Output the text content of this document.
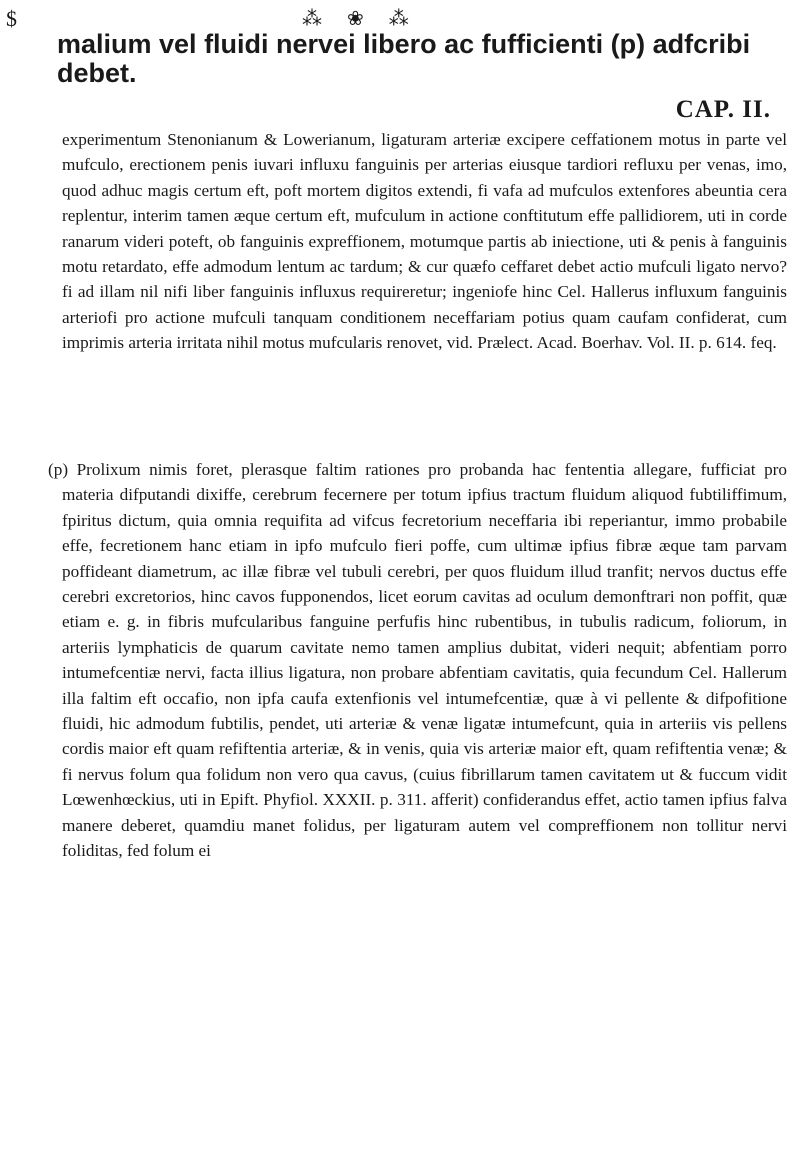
$	⁂ ❀ ⁂
malium vel fluidi nervei libero ac fufficienti (p) adfcribi debet.
CAP. II.

experimentum Stenonianum & Lowerianum, ligaturam arteriæ excipere ceffationem motus in parte vel mufculo, erectionem penis iuvari influxu fanguinis per arterias eiusque tardiori refluxu per venas, imo, quod adhuc magis certum eft, poft mortem digitos extendi, fi vafa ad mufculos extenfores abeuntia cera replentur, interim tamen æque certum eft, mufculum in actione conftitutum effe pallidiorem, uti in corde ranarum videri poteft, ob fanguinis expreffionem, motumque partis ab iniectione, uti & penis à fanguinis motu retardato, effe admodum lentum ac tardum; & cur quæfo ceffaret debet actio mufculi ligato nervo? fi ad illam nil nifi liber fanguinis influxus requireretur; ingeniofe hinc Cel. Hallerus influxum fanguinis arteriofi pro actione mufculi tanquam conditionem neceffariam potius quam caufam confiderat, cum imprimis arteria irritata nihil motus mufcularis renovet, vid. Prælect. Acad. Boerhav. Vol. II. p. 614. feq.

(p) Prolixum nimis foret, plerasque faltim rationes pro probanda hac fententia allegare, fufficiat pro materia difputandi dixiffe, cerebrum fecernere per totum ipfius tractum fluidum aliquod fubtiliffimum, fpiritus dictum, quia omnia requifita ad vifcus fecretorium neceffaria ibi reperiantur, immo probabile effe, fecretionem hanc etiam in ipfo mufculo fieri poffe, cum ultimæ ipfius fibræ æque tam parvam poffideant diametrum, ac illæ fibræ vel tubuli cerebri, per quos fluidum illud tranfit; nervos ductus effe cerebri excretorios, hinc cavos fupponendos, licet eorum cavitas ad oculum demonftrari non poffit, quæ etiam e. g. in fibris mufcularibus fanguine perfufis hinc rubentibus, in tubulis radicum, foliorum, in arteriis lymphaticis de quarum cavitate nemo tamen amplius dubitat, videri nequit; abfentiam porro intumefcentiæ nervi, facta illius ligatura, non probare abfentiam cavitatis, quia fecundum Cel. Hallerum illa faltim eft occafio, non ipfa caufa extenfionis vel intumefcentiæ, quæ à vi pellente & difpofitione fluidi, hic admodum fubtilis, pendet, uti arteriæ & venæ ligatæ intumefcunt, quia in arteriis vis pellens cordis maior eft quam refiftentia arteriæ, & in venis, quia vis arteriæ maior eft, quam refiftentia venæ; & fi nervus folum qua folidum non vero qua cavus, (cuius fibrillarum tamen cavitatem ut & fuccum vidit Lœwenhœckius, uti in Epift. Phyfiol. XXXII. p. 311. afferit) confiderandus effet, actio tamen ipfius falva manere deberet, quamdiu manet folidus, per ligaturam autem vel compreffionem non tollitur nervi foliditas, fed folum ei
